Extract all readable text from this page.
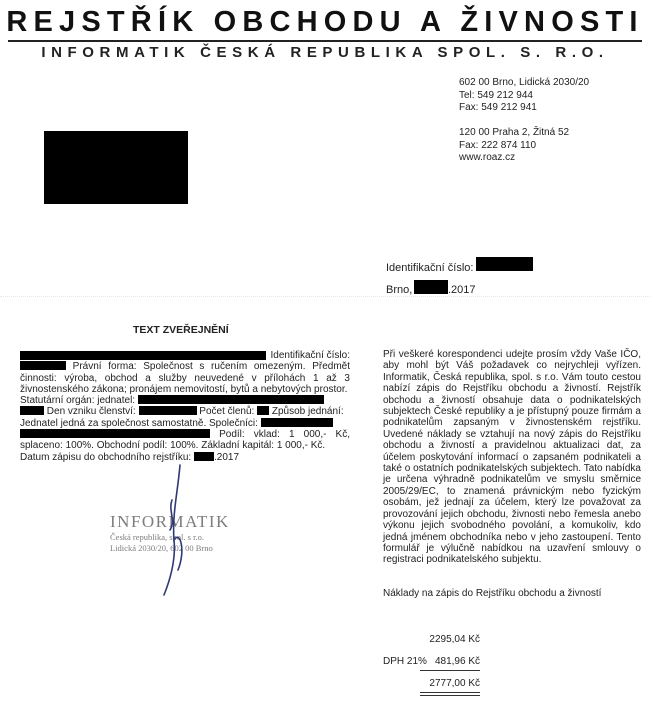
REJSTŘÍK OBCHODU A ŽIVNOSTI
INFORMATIK ČESKÁ REPUBLIKA SPOL. S. R.O.
602 00 Brno, Lidická 2030/20
Tel: 549 212 944
Fax: 549 212 941
120 00 Praha 2, Žitná 52
Fax: 222 874 110
www.roaz.cz
Identifikační číslo:
Brno,	.2017
TEXT ZVEŘEJNĚNÍ
Identifikační číslo:
Právní forma: Společnost s ručením omezeným. Předmět činnosti: výroba, obchod a služby neuvedené v přílohách 1 až 3 živnostenského zákona; pronájem nemovitostí, bytů a nebytových prostor.
Statutární orgán: jednatel:
Den vzniku členství:	Počet členů: Způsob jednání:
Jednatel jedná za společnost samostatně. Společníci:
Podíl: vklad: 1 000,- Kč, splaceno: 100%. Obchodní podíl: 100%. Základní kapitál: 1 000,- Kč.
Datum zápisu do obchodního rejstříku: .2017
INFORMATIK
Česká republika, spol. s r.o.
Lidická 2030/20, 602 00 Brno
Při veškeré korespondenci udejte prosím vždy Vaše IČO, aby mohl být Váš požadavek co nejrychleji vyřízen. Informatik, Česká republika, spol. s r.o. Vám touto cestou nabízí zápis do Rejstříku obchodu a živností. Rejstřík obchodu a živností obsahuje data o podnikatelských subjektech České republiky a je přístupný pouze firmám a podnikatelům zapsaným v živnostenském rejstříku. Uvedené náklady se vztahují na nový zápis do Rejstříku obchodu a živností a pravidelnou aktualizaci dat, za účelem poskytování informací o zapsaném podnikateli a také o ostatních podnikatelských subjektech. Tato nabídka je určena výhradně podnikatelům ve smyslu směrnice 2005/29/EC, to znamená právnickým nebo fyzickým osobám, jež jednají za účelem, který lze považovat za provozování jejich obchodu, živnosti nebo řemesla anebo výkonu jejich svobodného povolání, a komukoliv, kdo jedná jménem obchodníka nebo v jeho zastoupení. Tento formulář je výlučně nabídkou na uzavření smlouvy o registraci podnikatelského subjektu.
Náklady na zápis do Rejstříku obchodu a živností
2295,04 Kč
DPH 21% 481,96 Kč
2777,00 Kč
